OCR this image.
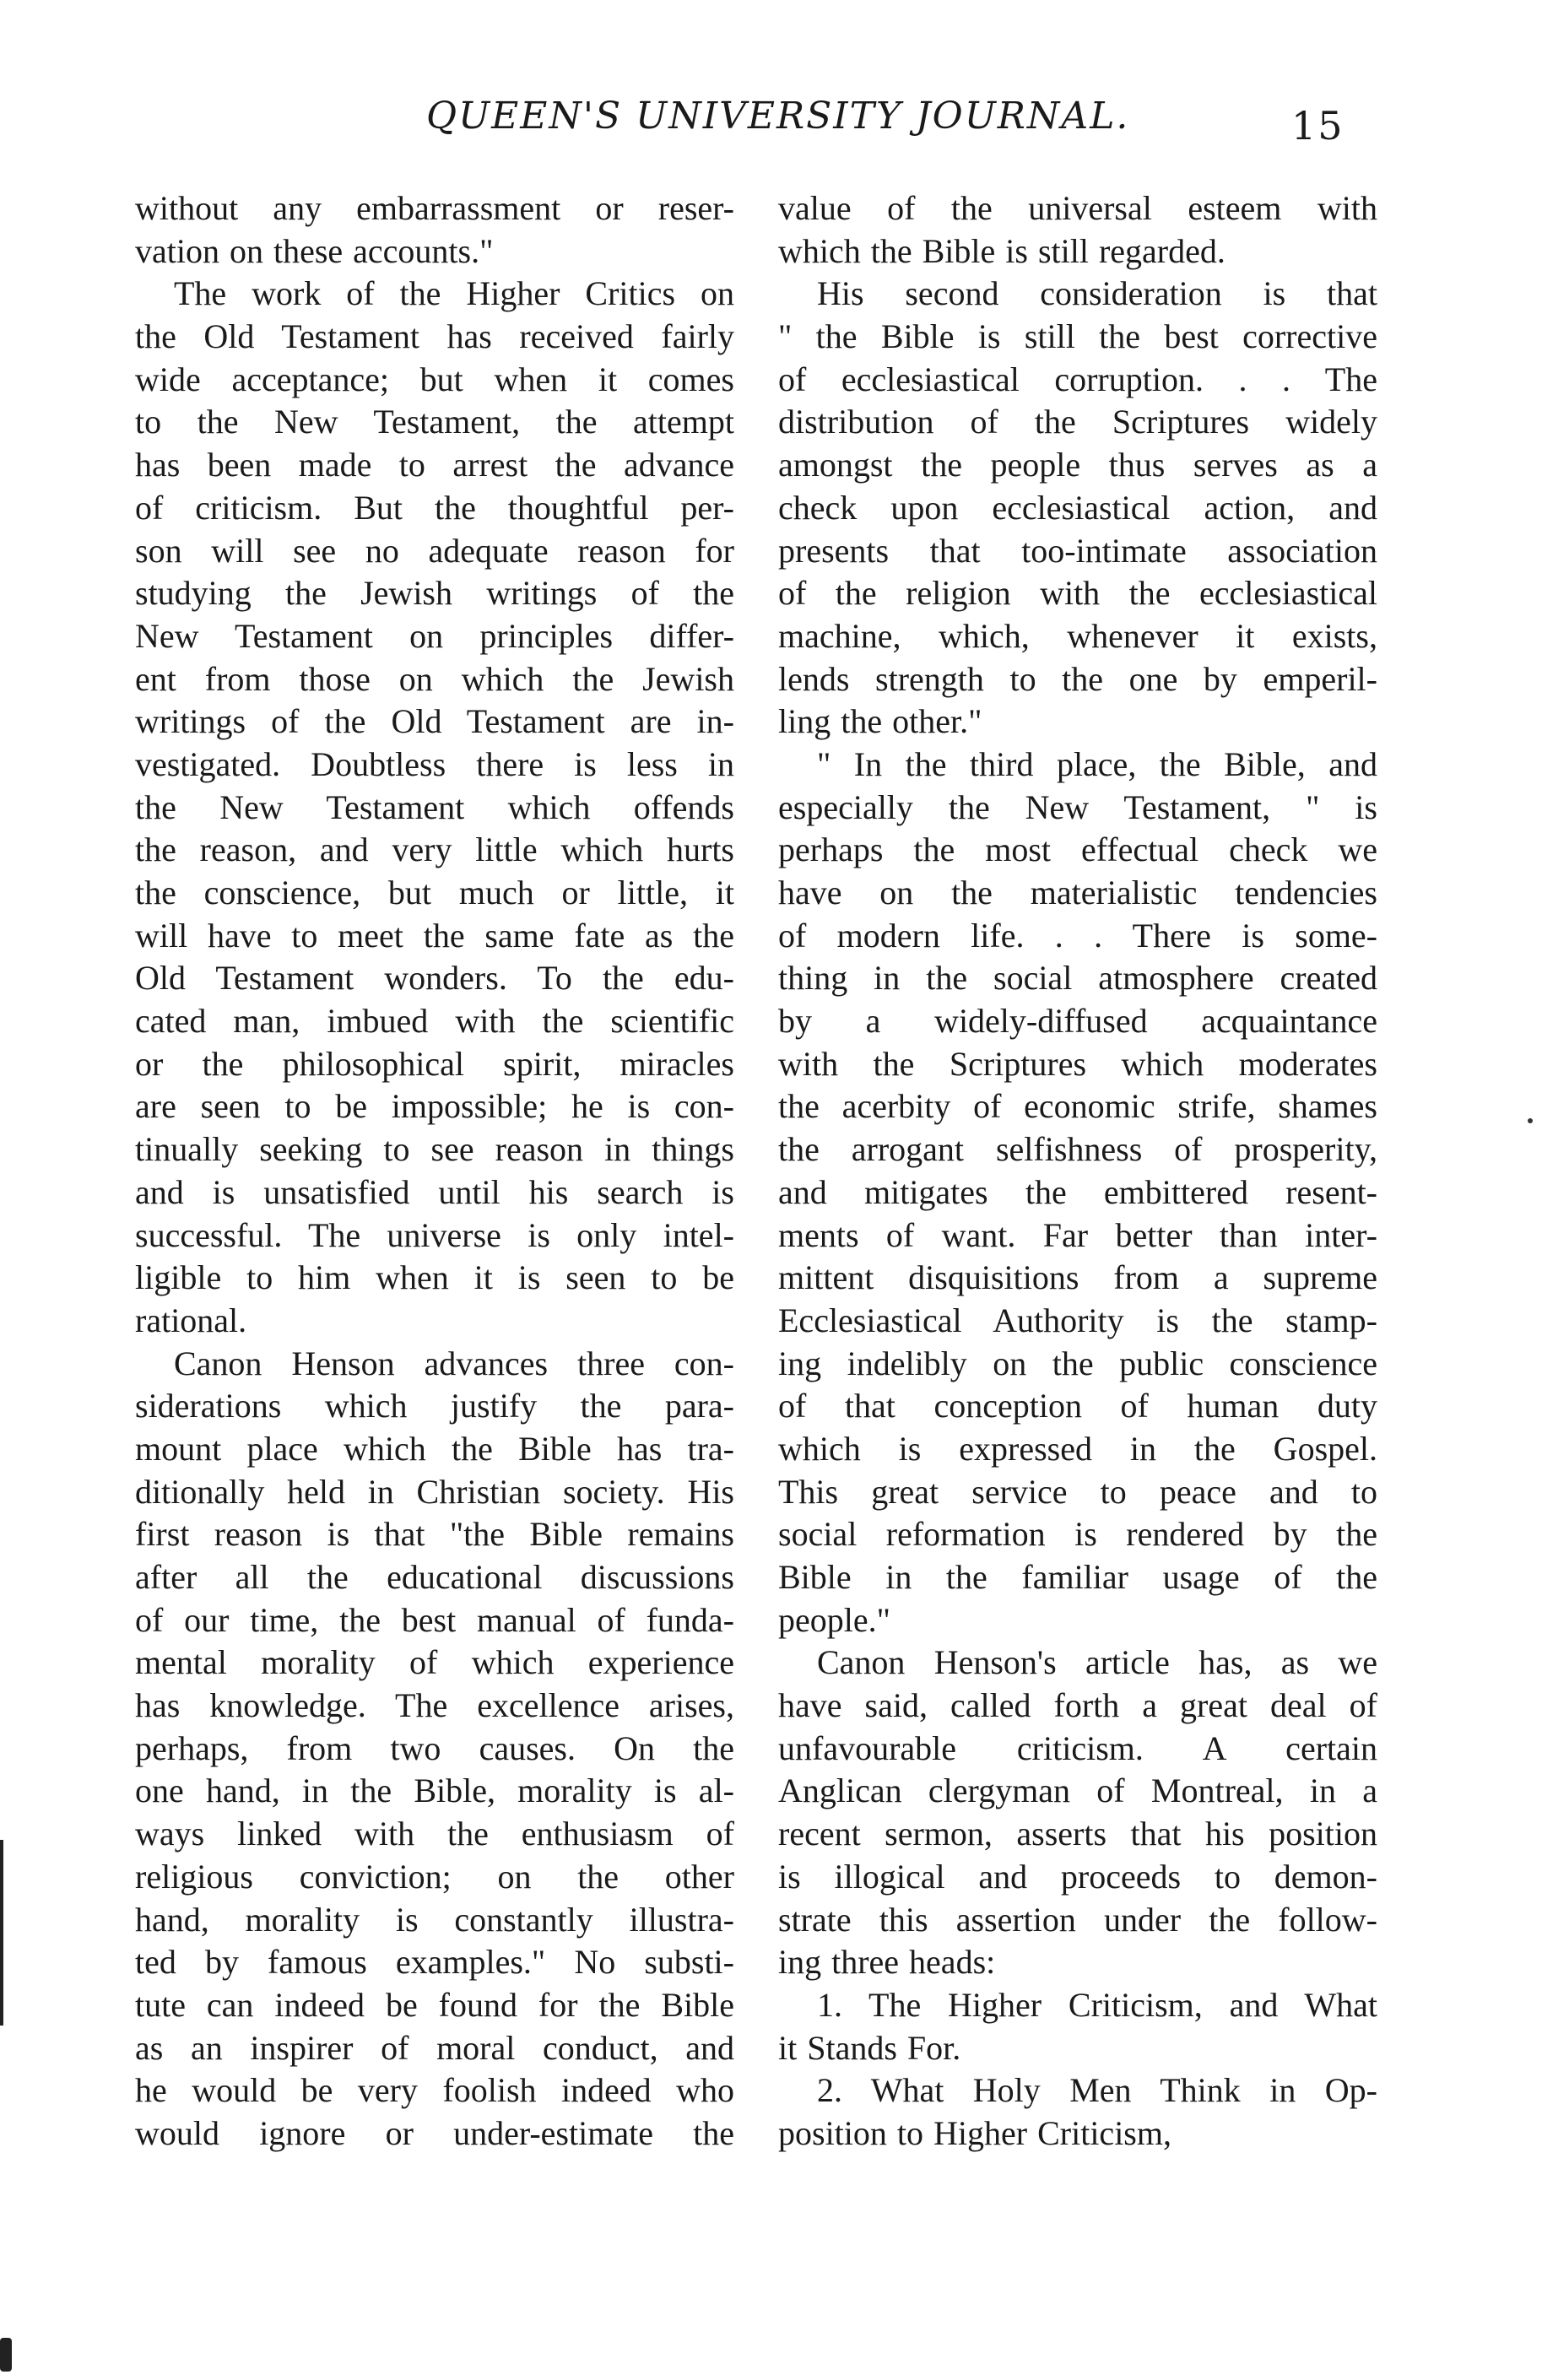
QUEEN'S UNIVERSITY JOURNAL.	15
without any embarrassment or reser-
vation on these accounts."
The work of the Higher Critics on
the Old Testament has received fairly
wide acceptance; but when it comes
to the New Testament, the attempt
has been made to arrest the advance
of criticism. But the thoughtful per-
son will see no adequate reason for
studying the Jewish writings of the
New Testament on principles differ-
ent from those on which the Jewish
writings of the Old Testament are in-
vestigated. Doubtless there is less in
the New Testament which offends
the reason, and very little which hurts
the conscience, but much or little, it
will have to meet the same fate as the
Old Testament wonders. To the edu-
cated man, imbued with the scientific
or the philosophical spirit, miracles
are seen to be impossible; he is con-
tinually seeking to see reason in things
and is unsatisfied until his search is
successful. The universe is only intel-
ligible to him when it is seen to be
rational.
Canon Henson advances three con-
siderations which justify the para-
mount place which the Bible has tra-
ditionally held in Christian society. His
first reason is that "the Bible remains
after all the educational discussions
of our time, the best manual of funda-
mental morality of which experience
has knowledge. The excellence arises,
perhaps, from two causes. On the
one hand, in the Bible, morality is al-
ways linked with the enthusiasm of
religious conviction; on the other
hand, morality is constantly illustra-
ted by famous examples." No substi-
tute can indeed be found for the Bible
as an inspirer of moral conduct, and
he would be very foolish indeed who
would ignore or under-estimate the
value of the universal esteem with
which the Bible is still regarded.
His second consideration is that
" the Bible is still the best corrective
of ecclesiastical corruption. . . The
distribution of the Scriptures widely
amongst the people thus serves as a
check upon ecclesiastical action, and
presents that too-intimate association
of the religion with the ecclesiastical
machine, which, whenever it exists,
lends strength to the one by emperil-
ling the other."
" In the third place, the Bible, and
especially the New Testament, " is
perhaps the most effectual check we
have on the materialistic tendencies
of modern life. . . There is some-
thing in the social atmosphere created
by a widely-diffused acquaintance
with the Scriptures which moderates
the acerbity of economic strife, shames
the arrogant selfishness of prosperity,
and mitigates the embittered resent-
ments of want. Far better than inter-
mittent disquisitions from a supreme
Ecclesiastical Authority is the stamp-
ing indelibly on the public conscience
of that conception of human duty
which is expressed in the Gospel.
This great service to peace and to
social reformation is rendered by the
Bible in the familiar usage of the
people."
Canon Henson's article has, as we
have said, called forth a great deal of
unfavourable criticism. A certain
Anglican clergyman of Montreal, in a
recent sermon, asserts that his position
is illogical and proceeds to demon-
strate this assertion under the follow-
ing three heads:
1. The Higher Criticism, and What
it Stands For.
2. What Holy Men Think in Op-
position to Higher Criticism,
